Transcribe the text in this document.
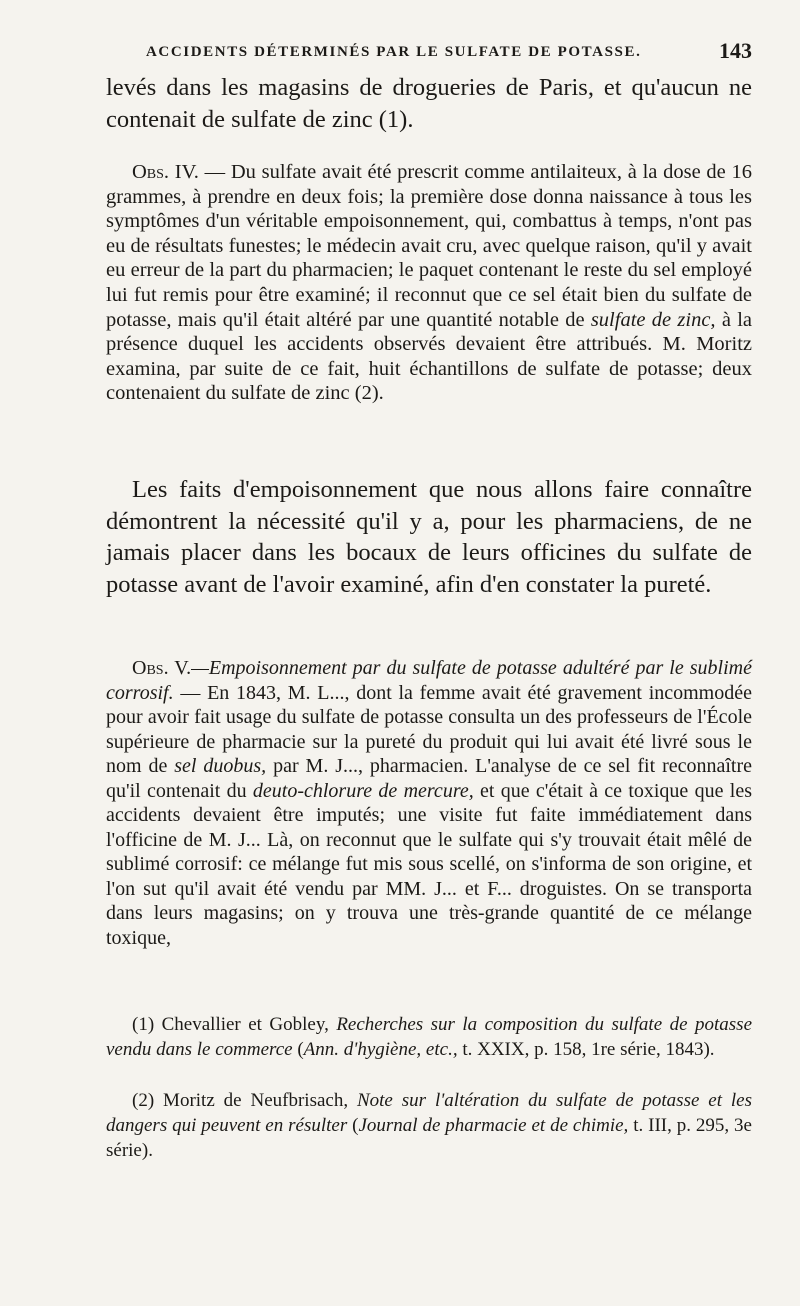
ACCIDENTS DÉTERMINÉS PAR LE SULFATE DE POTASSE.	143

levés dans les magasins de drogueries de Paris, et qu'aucun ne contenait de sulfate de zinc (1).

Obs. IV. — Du sulfate avait été prescrit comme antilaiteux, à la dose de 16 grammes, à prendre en deux fois; la première dose donna naissance à tous les symptômes d'un véritable empoisonnement, qui, combattus à temps, n'ont pas eu de résultats funestes; le médecin avait cru, avec quelque raison, qu'il y avait eu erreur de la part du pharmacien; le paquet contenant le reste du sel employé lui fut remis pour être examiné; il reconnut que ce sel était bien du sulfate de potasse, mais qu'il était altéré par une quantité notable de sulfate de zinc, à la présence duquel les accidents observés devaient être attribués. M. Moritz examina, par suite de ce fait, huit échantillons de sulfate de potasse; deux contenaient du sulfate de zinc (2).

Les faits d'empoisonnement que nous allons faire connaître démontrent la nécessité qu'il y a, pour les pharmaciens, de ne jamais placer dans les bocaux de leurs officines du sulfate de potasse avant de l'avoir examiné, afin d'en constater la pureté.

Obs. V.—Empoisonnement par du sulfate de potasse adultéré par le sublimé corrosif. — En 1843, M. L..., dont la femme avait été gravement incommodée pour avoir fait usage du sulfate de potasse consulta un des professeurs de l'École supérieure de pharmacie sur la pureté du produit qui lui avait été livré sous le nom de sel duobus, par M. J..., pharmacien. L'analyse de ce sel fit reconnaître qu'il contenait du deuto-chlorure de mercure, et que c'était à ce toxique que les accidents devaient être imputés; une visite fut faite immédiatement dans l'officine de M. J... Là, on reconnut que le sulfate qui s'y trouvait était mêlé de sublimé corrosif: ce mélange fut mis sous scellé, on s'informa de son origine, et l'on sut qu'il avait été vendu par MM. J... et F... droguistes. On se transporta dans leurs magasins; on y trouva une très-grande quantité de ce mélange toxique,

(1) Chevallier et Gobley, Recherches sur la composition du sulfate de potasse vendu dans le commerce (Ann. d'hygiène, etc., t. XXIX, p. 158, 1re série, 1843).

(2) Moritz de Neufbrisach, Note sur l'altération du sulfate de potasse et les dangers qui peuvent en résulter (Journal de pharmacie et de chimie, t. III, p. 295, 3e série).
